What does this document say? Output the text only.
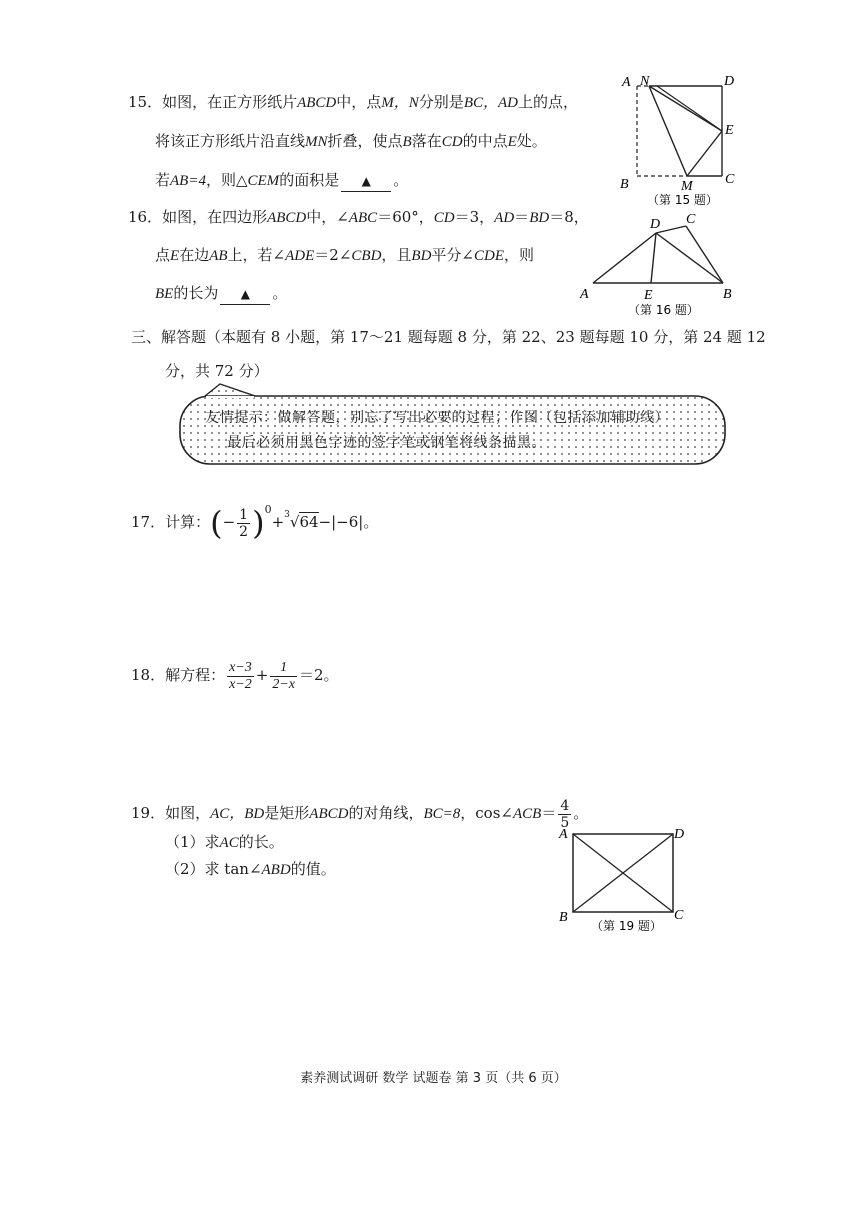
15．如图，在正方形纸片ABCD中，点M，N分别是BC，AD上的点，
将该正方形纸片沿直线MN折叠，使点B落在CD的中点E处。
若AB=4，则△CEM的面积是 ▲ 。
A N	D
E
B	M C
（第 15 题）
16．如图，在四边形ABCD中，∠ABC＝60°，CD＝3，AD＝BD＝8，
点E在边AB上，若∠ADE＝2∠CBD，且BD平分∠CDE，则
BE的长为 ▲ 。
D C
A	E	B
（第 16 题）
三、解答题（本题有 8 小题，第 17～21 题每题 8 分，第 22、23 题每题 10 分，第 24 题 12
分，共 72 分）
友情提示：做解答题，别忘了写出必要的过程；作图（包括添加辅助线）
最后必须用黑色字迹的签字笔或钢笔将线条描黑。
17．计算：(− $\frac{1}{2} )^0+^3√64-|-6|$。
18．解方程： $\frac{x-3}{x-2} + \frac{1}{2-x} =2$。
19．如图，AC，BD是矩形ABCD的对角线，BC=8，cos∠ACB＝ $\frac{4}{5}$ 。
（1）求AC的长。
（2）求 tan∠ABD的值。
A	D
B	C
（第 19 题）
素养测试调研 数学 试题卷 第 3 页（共 6 页）
